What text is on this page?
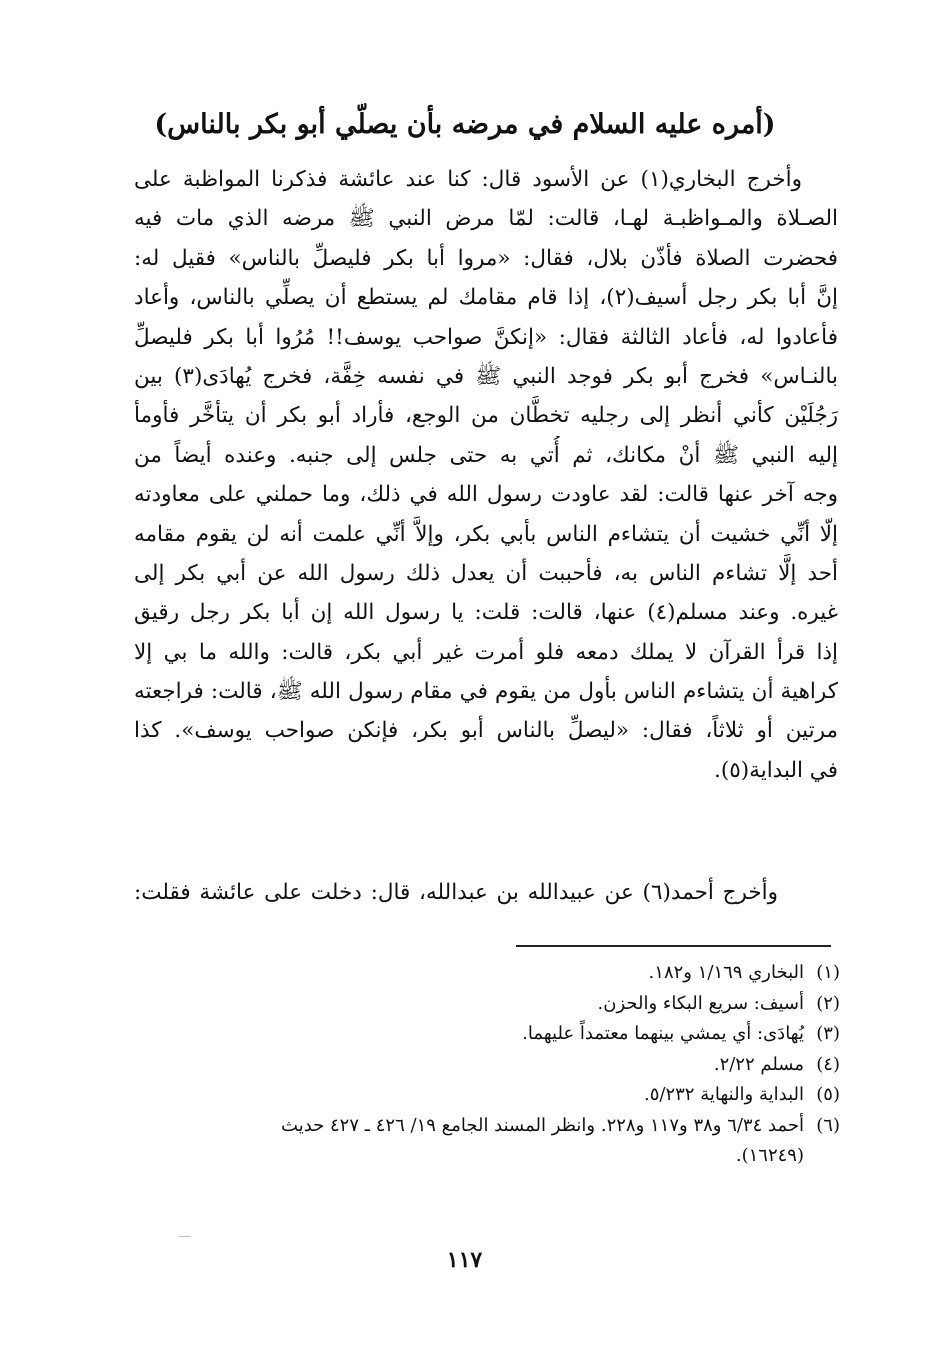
(أمره عليه السلام في مرضه بأن يصلّي أبو بكر بالناس)
وأخرج البخاري(١) عن الأسود قال: كنا عند عائشة فذكرنا المواظبة على
الصـلاة والمـواظبـة لهـا، قالت: لمّا مرض النبي ﷺ مرضه الذي مات فيه
فحضرت الصلاة فأذّن بلال، فقال: «مروا أبا بكر فليصلِّ بالناس» فقيل له:
إنَّ أبا بكر رجل أسيف(٢)، إذا قام مقامك لم يستطع أن يصلِّي بالناس، وأعاد
فأعادوا له، فأعاد الثالثة فقال: «إنكنَّ صواحب يوسف!! مُرُوا أبا بكر فليصلِّ
بالنـاس» فخرج أبو بكر فوجد النبي ﷺ في نفسه خِفَّة، فخرج يُهادَى(٣) بين
رَجُلَيْن كأني أنظر إلى رجليه تخطَّان من الوجع، فأراد أبو بكر أن يتأخَّر فأومأ
إليه النبي ﷺ أنْ مكانك، ثم أُتي به حتى جلس إلى جنبه. وعنده أيضاً من
وجه آخر عنها قالت: لقد عاودت رسول الله في ذلك، وما حملني على معاودته
إلّا أنِّي خشيت أن يتشاءم الناس بأبي بكر، وإلاَّ أنِّي علمت أنه لن يقوم مقامه
أحد إلَّا تشاءم الناس به، فأحببت أن يعدل ذلك رسول الله عن أبي بكر إلى
غيره. وعند مسلم(٤) عنها، قالت: قلت: يا رسول الله إن أبا بكر رجل رقيق
إذا قرأ القرآن لا يملك دمعه فلو أمرت غير أبي بكر، قالت: والله ما بي إلا
كراهية أن يتشاءم الناس بأول من يقوم في مقام رسول الله ﷺ، قالت: فراجعته
مرتين أو ثلاثاً، فقال: «ليصلِّ بالناس أبو بكر، فإنكن صواحب يوسف». كذا
في البداية(٥).
وأخرج أحمد(٦) عن عبيدالله بن عبدالله، قال: دخلت على عائشة فقلت:
(١)
البخاري ١/١٦٩ و١٨٢.
(٢)
أسيف: سريع البكاء والحزن.
(٣)
يُهادَى: أي يمشي بينهما معتمداً عليهما.
(٤)
مسلم ٢/٢٢.
(٥)
البداية والنهاية ٥/٢٣٢.
(٦)
أحمد ٦/٣٤ و٣٨ و١١٧ و٢٢٨. وانظر المسند الجامع ١٩/ ٤٢٦ ـ ٤٢٧ حديث
(١٦٢٤٩).
١١٧
